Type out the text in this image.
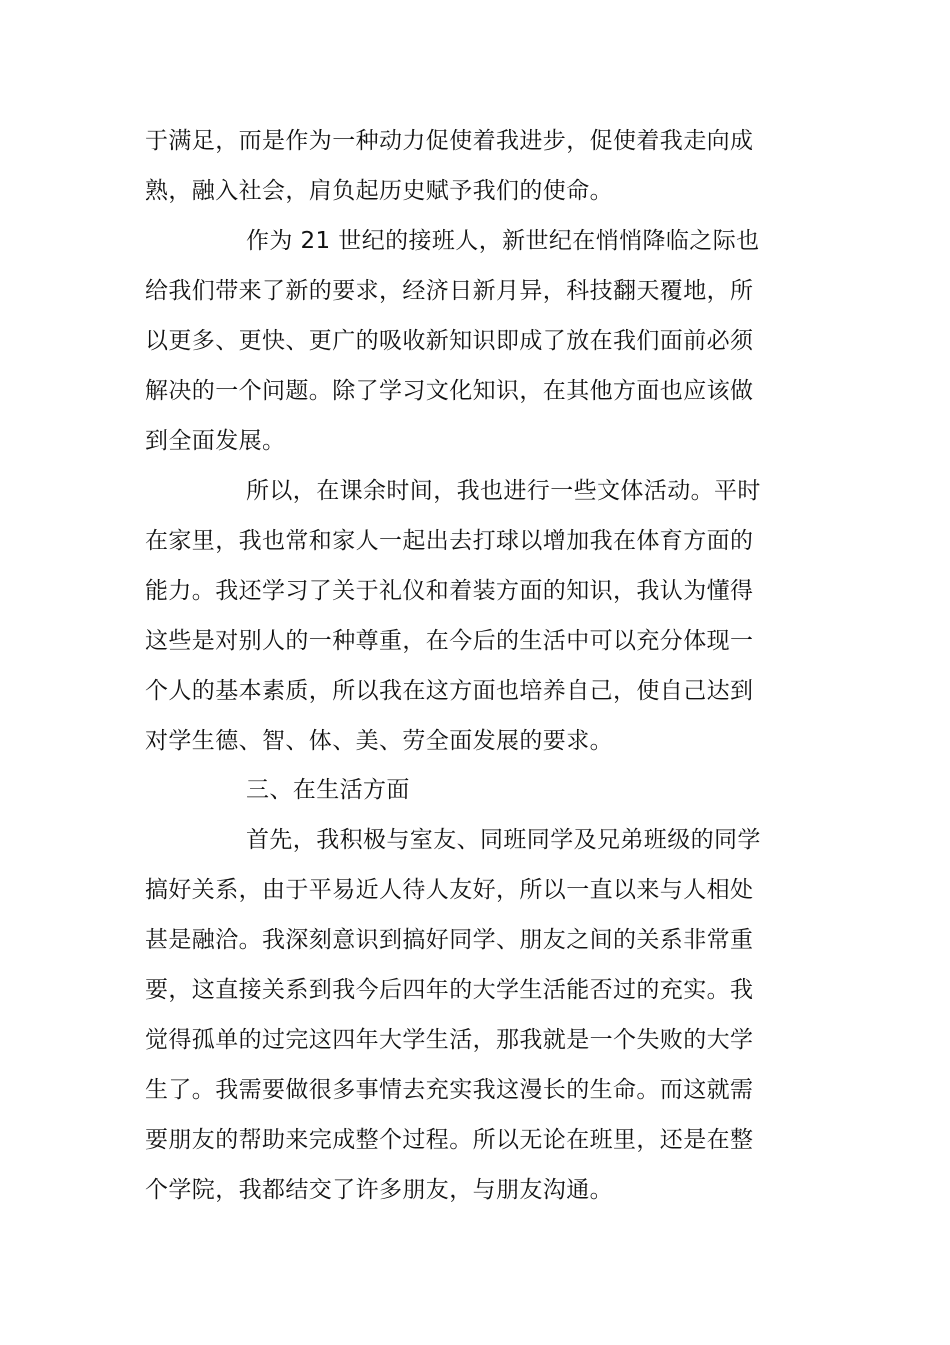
于满足，而是作为一种动力促使着我进步，促使着我走向成
熟，融入社会，肩负起历史赋予我们的使命。
作为 21 世纪的接班人，新世纪在悄悄降临之际也
给我们带来了新的要求，经济日新月异，科技翻天覆地，所
以更多、更快、更广的吸收新知识即成了放在我们面前必须
解决的一个问题。除了学习文化知识，在其他方面也应该做
到全面发展。
所以，在课余时间，我也进行一些文体活动。平时
在家里，我也常和家人一起出去打球以增加我在体育方面的
能力。我还学习了关于礼仪和着装方面的知识，我认为懂得
这些是对别人的一种尊重，在今后的生活中可以充分体现一
个人的基本素质，所以我在这方面也培养自己，使自己达到
对学生德、智、体、美、劳全面发展的要求。
三、在生活方面
首先，我积极与室友、同班同学及兄弟班级的同学
搞好关系，由于平易近人待人友好，所以一直以来与人相处
甚是融洽。我深刻意识到搞好同学、朋友之间的关系非常重
要，这直接关系到我今后四年的大学生活能否过的充实。我
觉得孤单的过完这四年大学生活，那我就是一个失败的大学
生了。我需要做很多事情去充实我这漫长的生命。而这就需
要朋友的帮助来完成整个过程。所以无论在班里，还是在整
个学院，我都结交了许多朋友，与朋友沟通。
